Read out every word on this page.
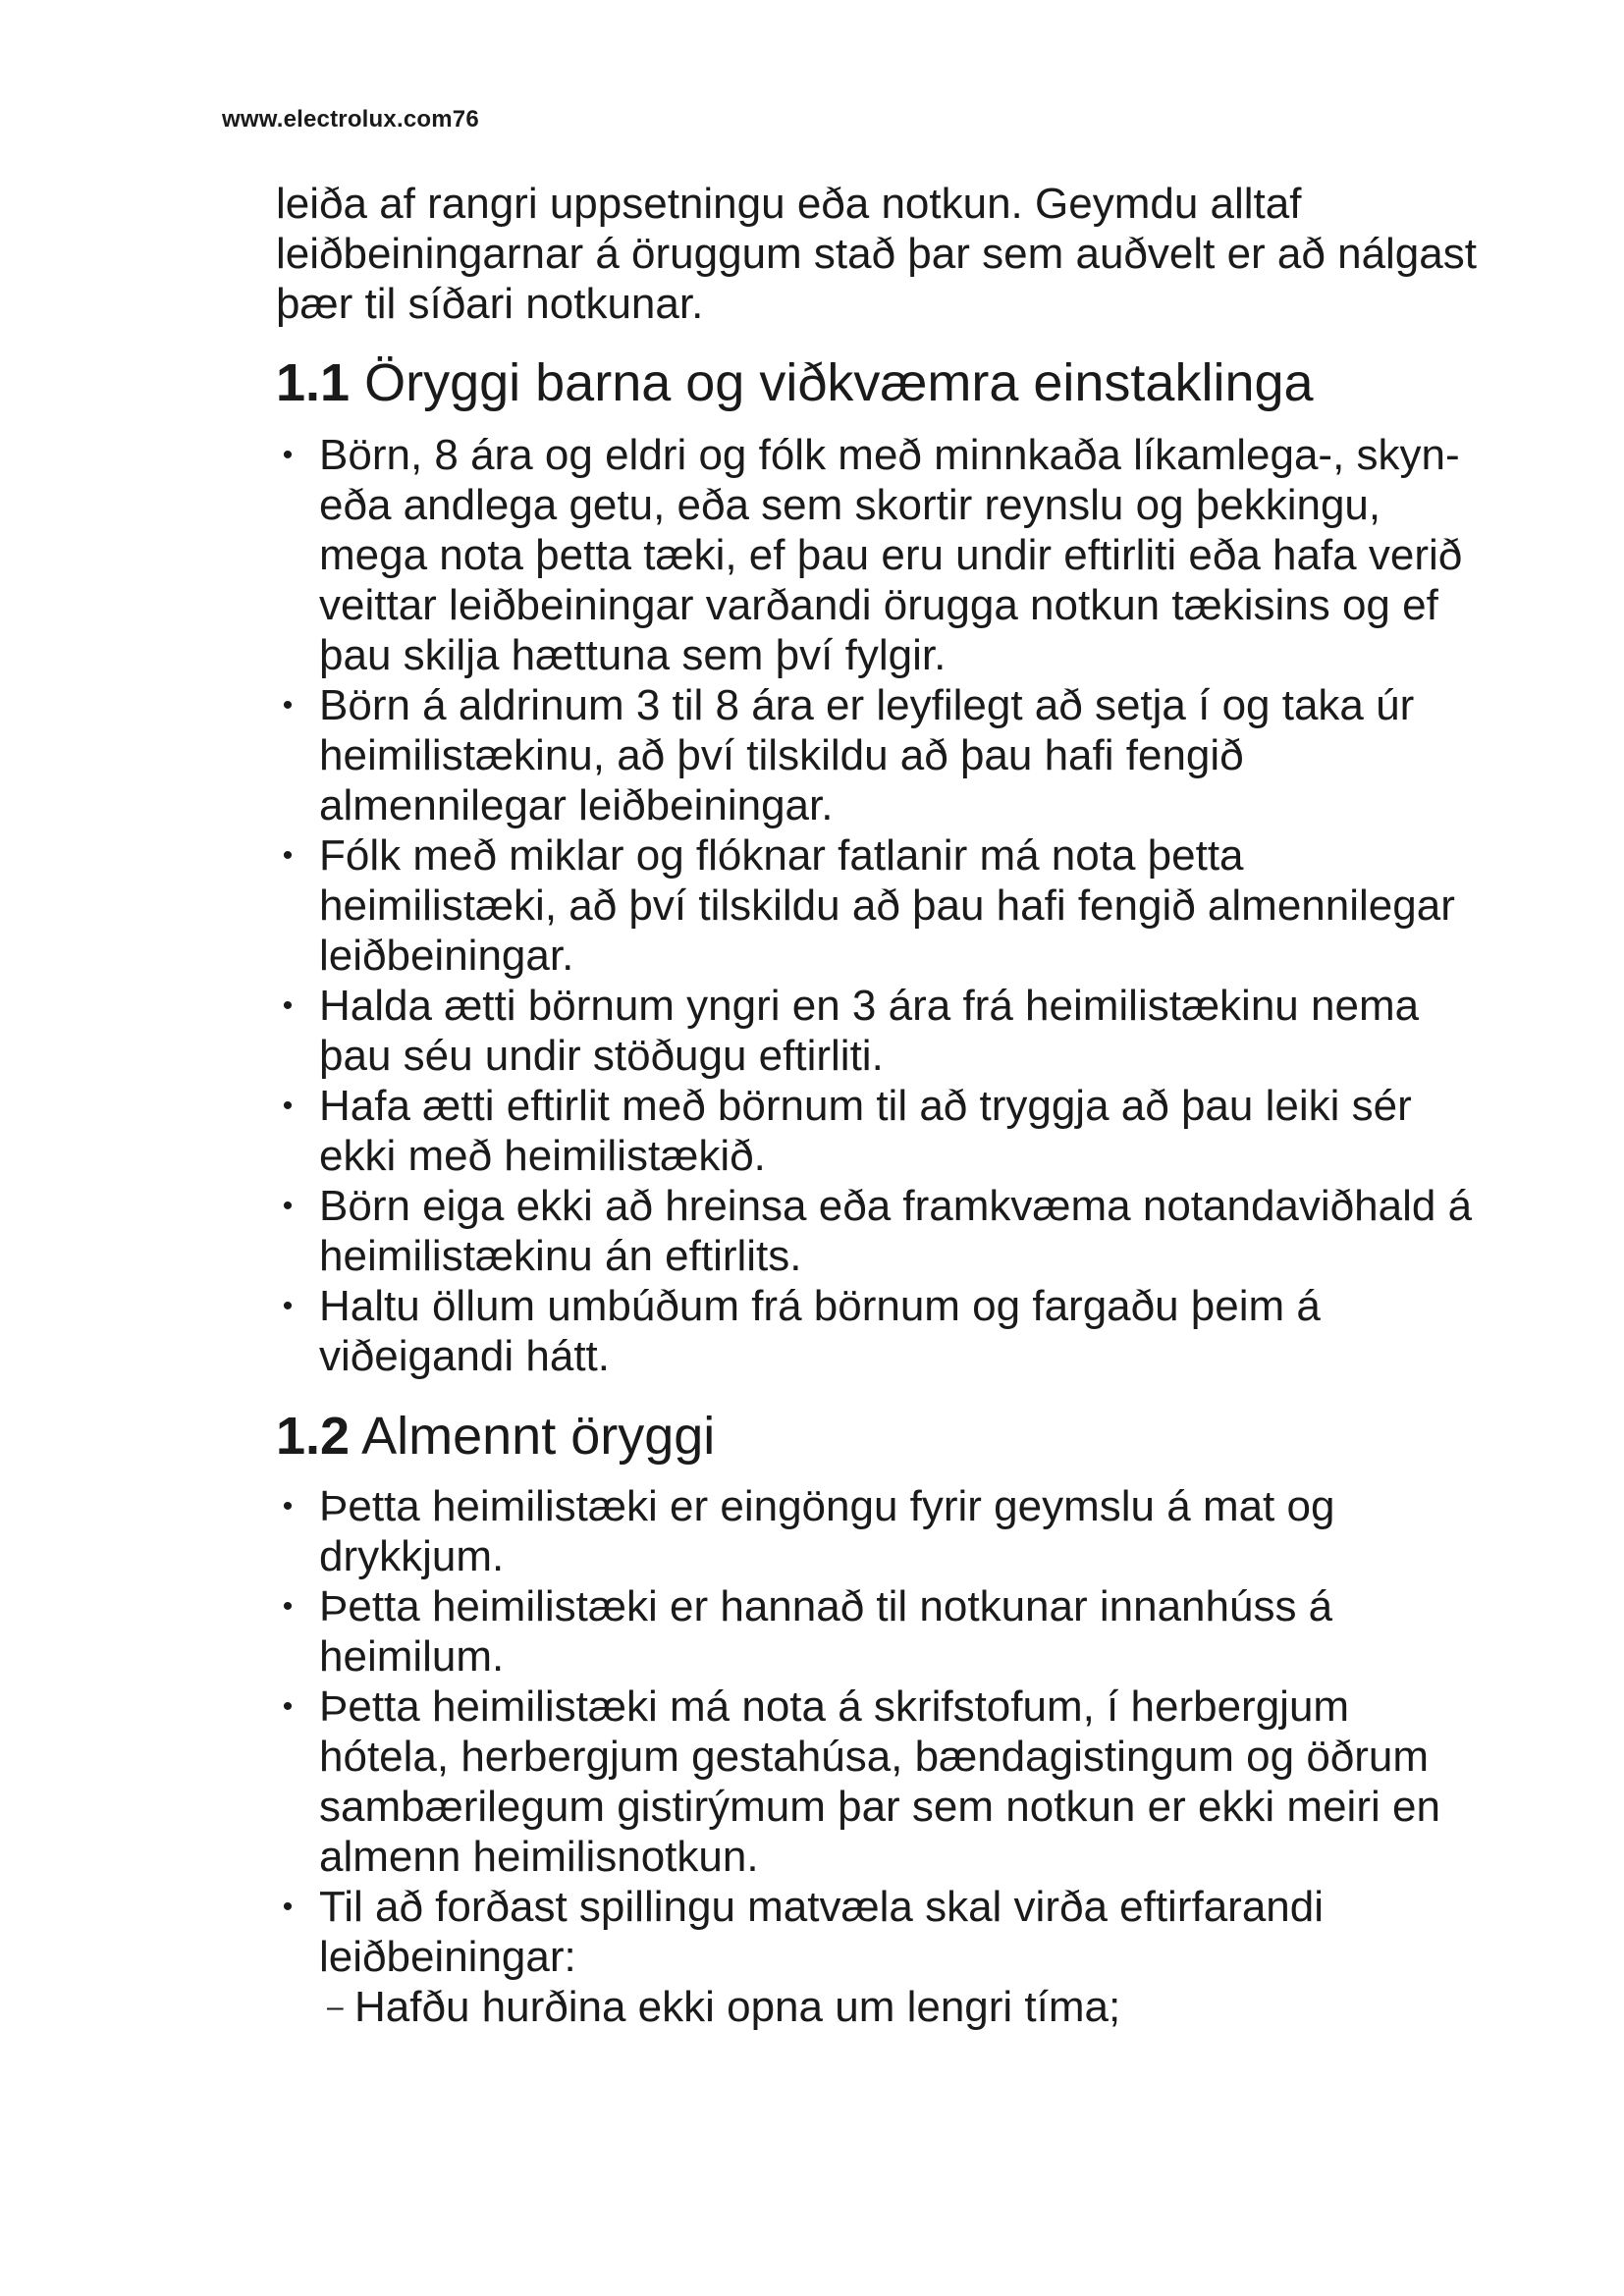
www.electrolux.com76

leiða af rangri uppsetningu eða notkun. Geymdu alltaf leiðbeiningarnar á öruggum stað þar sem auðvelt er að nálgast þær til síðari notkunar.

1.1 Öryggi barna og viðkvæmra einstaklinga
• Börn, 8 ára og eldri og fólk með minnkaða líkamlega-, skyn- eða andlega getu, eða sem skortir reynslu og þekkingu, mega nota þetta tæki, ef þau eru undir eftirliti eða hafa verið veittar leiðbeiningar varðandi örugga notkun tækisins og ef þau skilja hættuna sem því fylgir.
• Börn á aldrinum 3 til 8 ára er leyfilegt að setja í og taka úr heimilistækinu, að því tilskildu að þau hafi fengið almennilegar leiðbeiningar.
• Fólk með miklar og flóknar fatlanir má nota þetta heimilistæki, að því tilskildu að þau hafi fengið almennilegar leiðbeiningar.
• Halda ætti börnum yngri en 3 ára frá heimilistækinu nema þau séu undir stöðugu eftirliti.
• Hafa ætti eftirlit með börnum til að tryggja að þau leiki sér ekki með heimilistækið.
• Börn eiga ekki að hreinsa eða framkvæma notandaviðhald á heimilistækinu án eftirlits.
• Haltu öllum umbúðum frá börnum og fargaðu þeim á viðeigandi hátt.
1.2 Almennt öryggi
• Þetta heimilistæki er eingöngu fyrir geymslu á mat og drykkjum.
• Þetta heimilistæki er hannað til notkunar innanhúss á heimilum.
• Þetta heimilistæki má nota á skrifstofum, í herbergjum hótela, herbergjum gestahúsa, bændagistingum og öðrum sambærilegum gistirýmum þar sem notkun er ekki meiri en almenn heimilisnotkun.
• Til að forðast spillingu matvæla skal virða eftirfarandi leiðbeiningar:
– Hafðu hurðina ekki opna um lengri tíma;
